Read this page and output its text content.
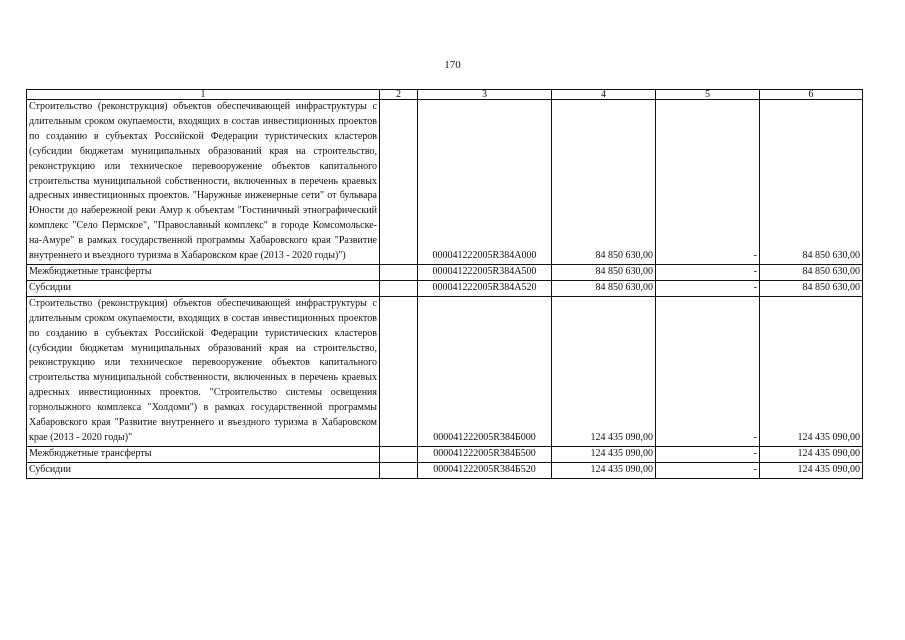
170
1	2	3	4	5	6

Строительство (реконструкция) объектов обеспечивающей инфраструктуры с длительным сроком окупаемости, входящих в состав инвестиционных проектов по созданию в субъектах Российской Федерации туристических кластеров (субсидии бюджетам муниципальных образований края на строительство, реконструкцию или техническое перевооружение объектов капитального строительства муниципальной собственности, включенных в перечень краевых адресных инвестиционных проектов. "Наружные инженерные сети" от бульвара Юности до набережной реки Амур к объектам "Гостиничный этнографический комплекс "Село Пермское", "Православный комплекс" в городе Комсомольске-на-Амуре" в рамках государственной программы Хабаровского края "Развитие внутреннего и въездного туризма в Хабаровском крае (2013 - 2020 годы)")		000041222005R384A000	84 850 630,00	-	84 850 630,00

Межбюджетные трансферты		000041222005R384A500	84 850 630,00	-	84 850 630,00

Субсидии		000041222005R384A520	84 850 630,00	-	84 850 630,00

Строительство (реконструкция) объектов обеспечивающей инфраструктуры с длительным сроком окупаемости, входящих в состав инвестиционных проектов по созданию в субъектах Российской Федерации туристических кластеров (субсидии бюджетам муниципальных образований края на строительство, реконструкцию или техническое перевооружение объектов капитального строительства муниципальной собственности, включенных в перечень краевых адресных инвестиционных проектов. "Строительство системы освещения горнолыжного комплекса "Холдоми") в рамках государственной программы Хабаровского края "Развитие внутреннего и въездного туризма в Хабаровском крае (2013 - 2020 годы)"		000041222005R384Б000	124 435 090,00	-	124 435 090,00

Межбюджетные трансферты		000041222005R384Б500	124 435 090,00	-	124 435 090,00

Субсидии		000041222005R384Б520	124 435 090,00	-	124 435 090,00
